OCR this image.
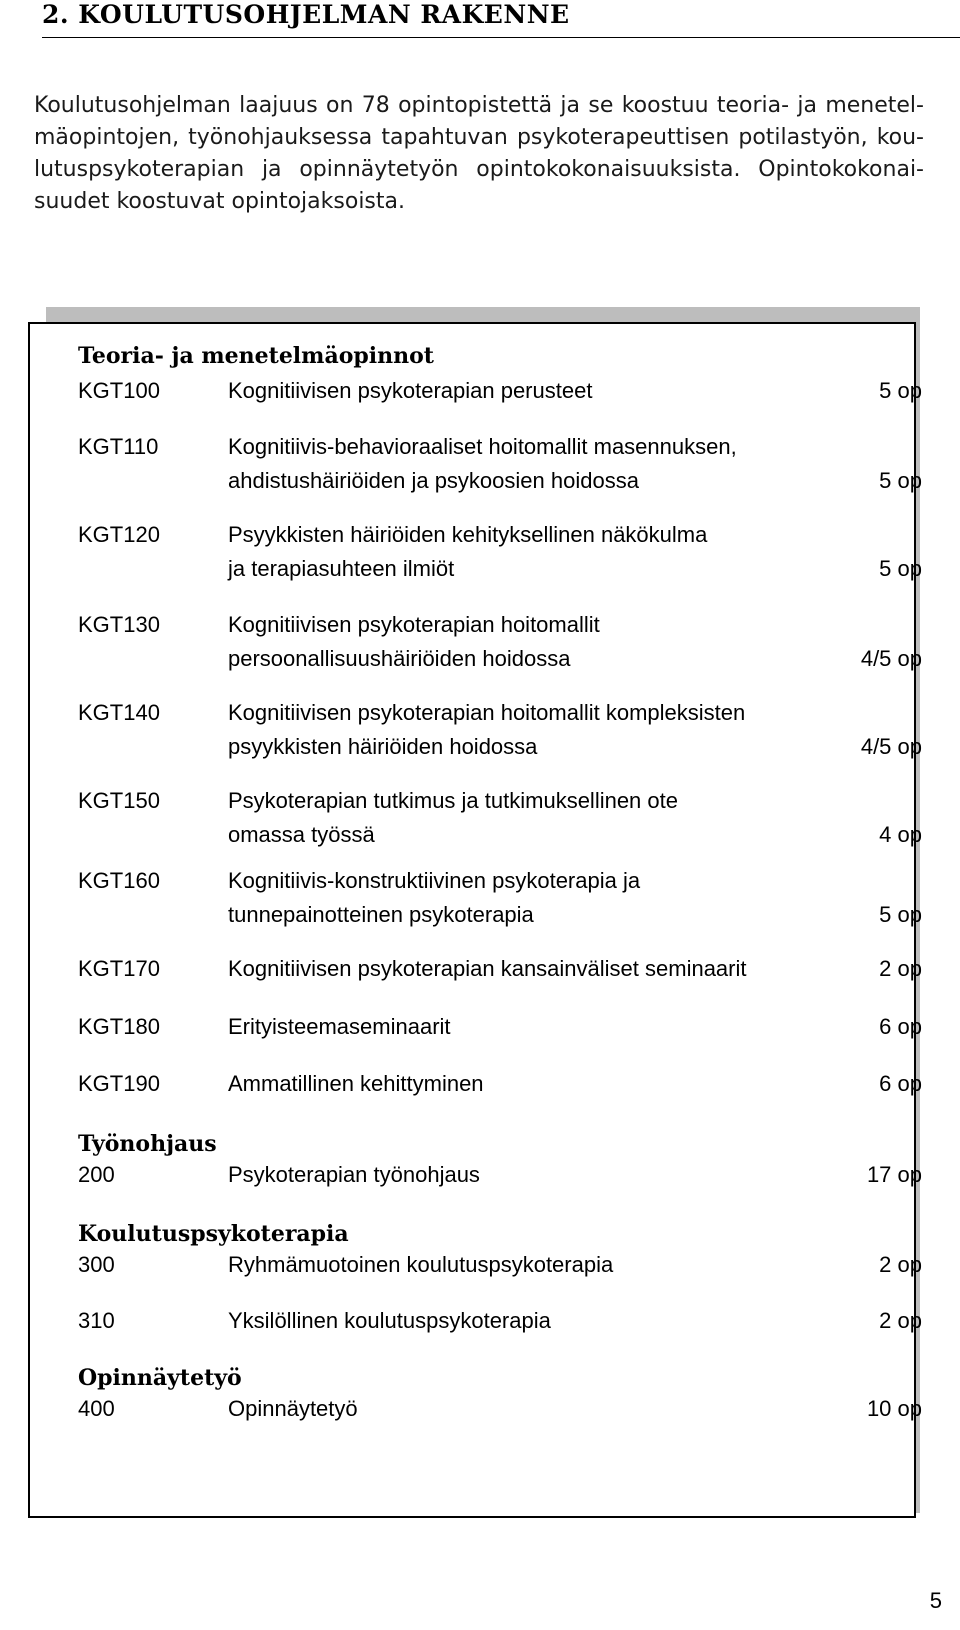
2. KOULUTUSOHJELMAN RAKENNE
Koulutusohjelman laajuus on 78 opintopistettä ja se koostuu teoria- ja menetel-
mäopintojen, työnohjauksessa tapahtuvan psykoterapeuttisen potilastyön, kou-
lutuspsykoterapian ja opinnäytetyön opintokokonaisuuksista. Opintokokonai-
suudet koostuvat opintojaksoista.
Teoria- ja menetelmäopinnot
KGT100	Kognitiivisen psykoterapian perusteet	5 op
KGT110	Kognitiivis-behavioraaliset hoitomallit masennuksen,
ahdistushäiriöiden ja psykoosien hoidossa	5 op
KGT120	Psyykkisten häiriöiden kehityksellinen näkökulma
ja terapiasuhteen ilmiöt	5 op
KGT130	Kognitiivisen psykoterapian hoitomallit
persoonallisuushäiriöiden hoidossa	4/5 op
KGT140	Kognitiivisen psykoterapian hoitomallit kompleksisten
psyykkisten häiriöiden hoidossa	4/5 op
KGT150	Psykoterapian tutkimus ja tutkimuksellinen ote
omassa työssä	4 op
KGT160	Kognitiivis-konstruktiivinen psykoterapia ja
tunnepainotteinen psykoterapia	5 op
KGT170	Kognitiivisen psykoterapian kansainväliset seminaarit	2 op
KGT180	Erityisteemaseminaarit	6 op
KGT190	Ammatillinen kehittyminen	6 op
Työnohjaus
200	Psykoterapian työnohjaus	17 op
Koulutuspsykoterapia
300	Ryhmämuotoinen koulutuspsykoterapia	2 op
310	Yksilöllinen koulutuspsykoterapia	2 op
Opinnäytetyö
400	Opinnäytetyö	10 op
5
